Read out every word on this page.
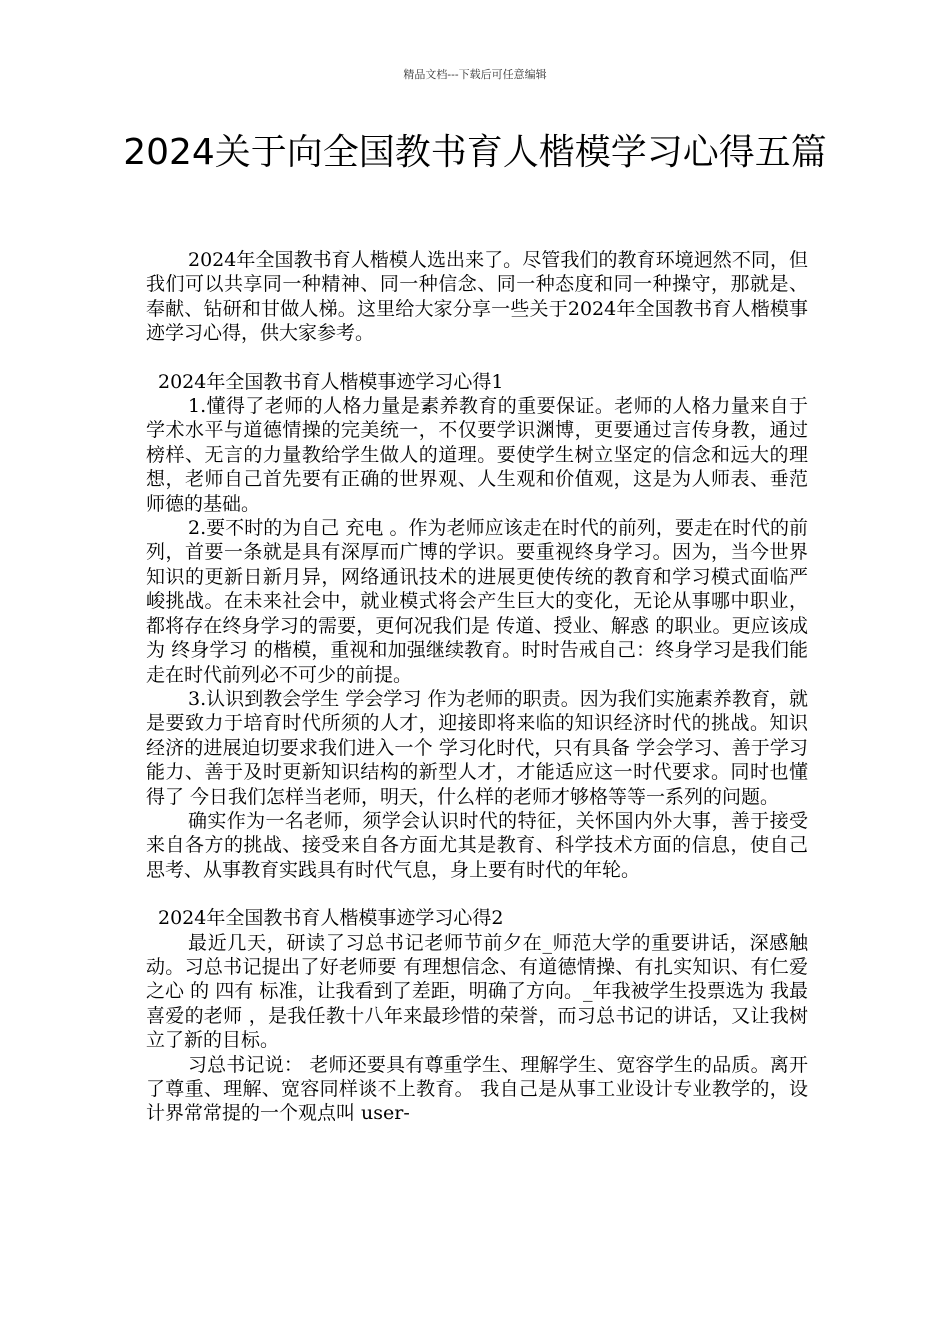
精品文档---下载后可任意编辑
2024关于向全国教书育人楷模学习心得五篇

2024年全国教书育人楷模人选出来了。尽管我们的教育环境迥然不同，但我们可以共享同一种精神、同一种信念、同一种态度和同一种操守，那就是、奉献、钻研和甘做人梯。这里给大家分享一些关于2024年全国教书育人楷模事迹学习心得，供大家参考。

2024年全国教书育人楷模事迹学习心得1

1.懂得了老师的人格力量是素养教育的重要保证。老师的人格力量来自于学术水平与道德情操的完美统一，不仅要学识渊博，更要通过言传身教，通过榜样、无言的力量教给学生做人的道理。要使学生树立坚定的信念和远大的理想，老师自己首先要有正确的世界观、人生观和价值观，这是为人师表、垂范师德的基础。

2.要不时的为自己 充电 。作为老师应该走在时代的前列，要走在时代的前列，首要一条就是具有深厚而广博的学识。要重视终身学习。因为，当今世界知识的更新日新月异，网络通讯技术的进展更使传统的教育和学习模式面临严峻挑战。在未来社会中，就业模式将会产生巨大的变化，无论从事哪中职业，都将存在终身学习的需要，更何况我们是 传道、授业、解惑 的职业。更应该成为 终身学习 的楷模，重视和加强继续教育。时时告戒自己：终身学习是我们能走在时代前列必不可少的前提。

3.认识到教会学生 学会学习 作为老师的职责。因为我们实施素养教育，就是要致力于培育时代所须的人才，迎接即将来临的知识经济时代的挑战。知识经济的进展迫切要求我们进入一个 学习化时代，只有具备 学会学习、善于学习 能力、善于及时更新知识结构的新型人才，才能适应这一时代要求。同时也懂得了 今日我们怎样当老师，明天，什么样的老师才够格等等一系列的问题。

确实作为一名老师，须学会认识时代的特征，关怀国内外大事，善于接受来自各方的挑战、接受来自各方面尤其是教育、科学技术方面的信息，使自己思考、从事教育实践具有时代气息，身上要有时代的年轮。

2024年全国教书育人楷模事迹学习心得2

最近几天，研读了习总书记老师节前夕在_师范大学的重要讲话，深感触动。习总书记提出了好老师要 有理想信念、有道德情操、有扎实知识、有仁爱之心 的 四有 标准，让我看到了差距，明确了方向。_年我被学生投票选为 我最喜爱的老师 ，是我任教十八年来最珍惜的荣誉，而习总书记的讲话，又让我树立了新的目标。

习总书记说： 老师还要具有尊重学生、理解学生、宽容学生的品质。离开了尊重、理解、宽容同样谈不上教育。 我自己是从事工业设计专业教学的，设计界常常提的一个观点叫 user-
